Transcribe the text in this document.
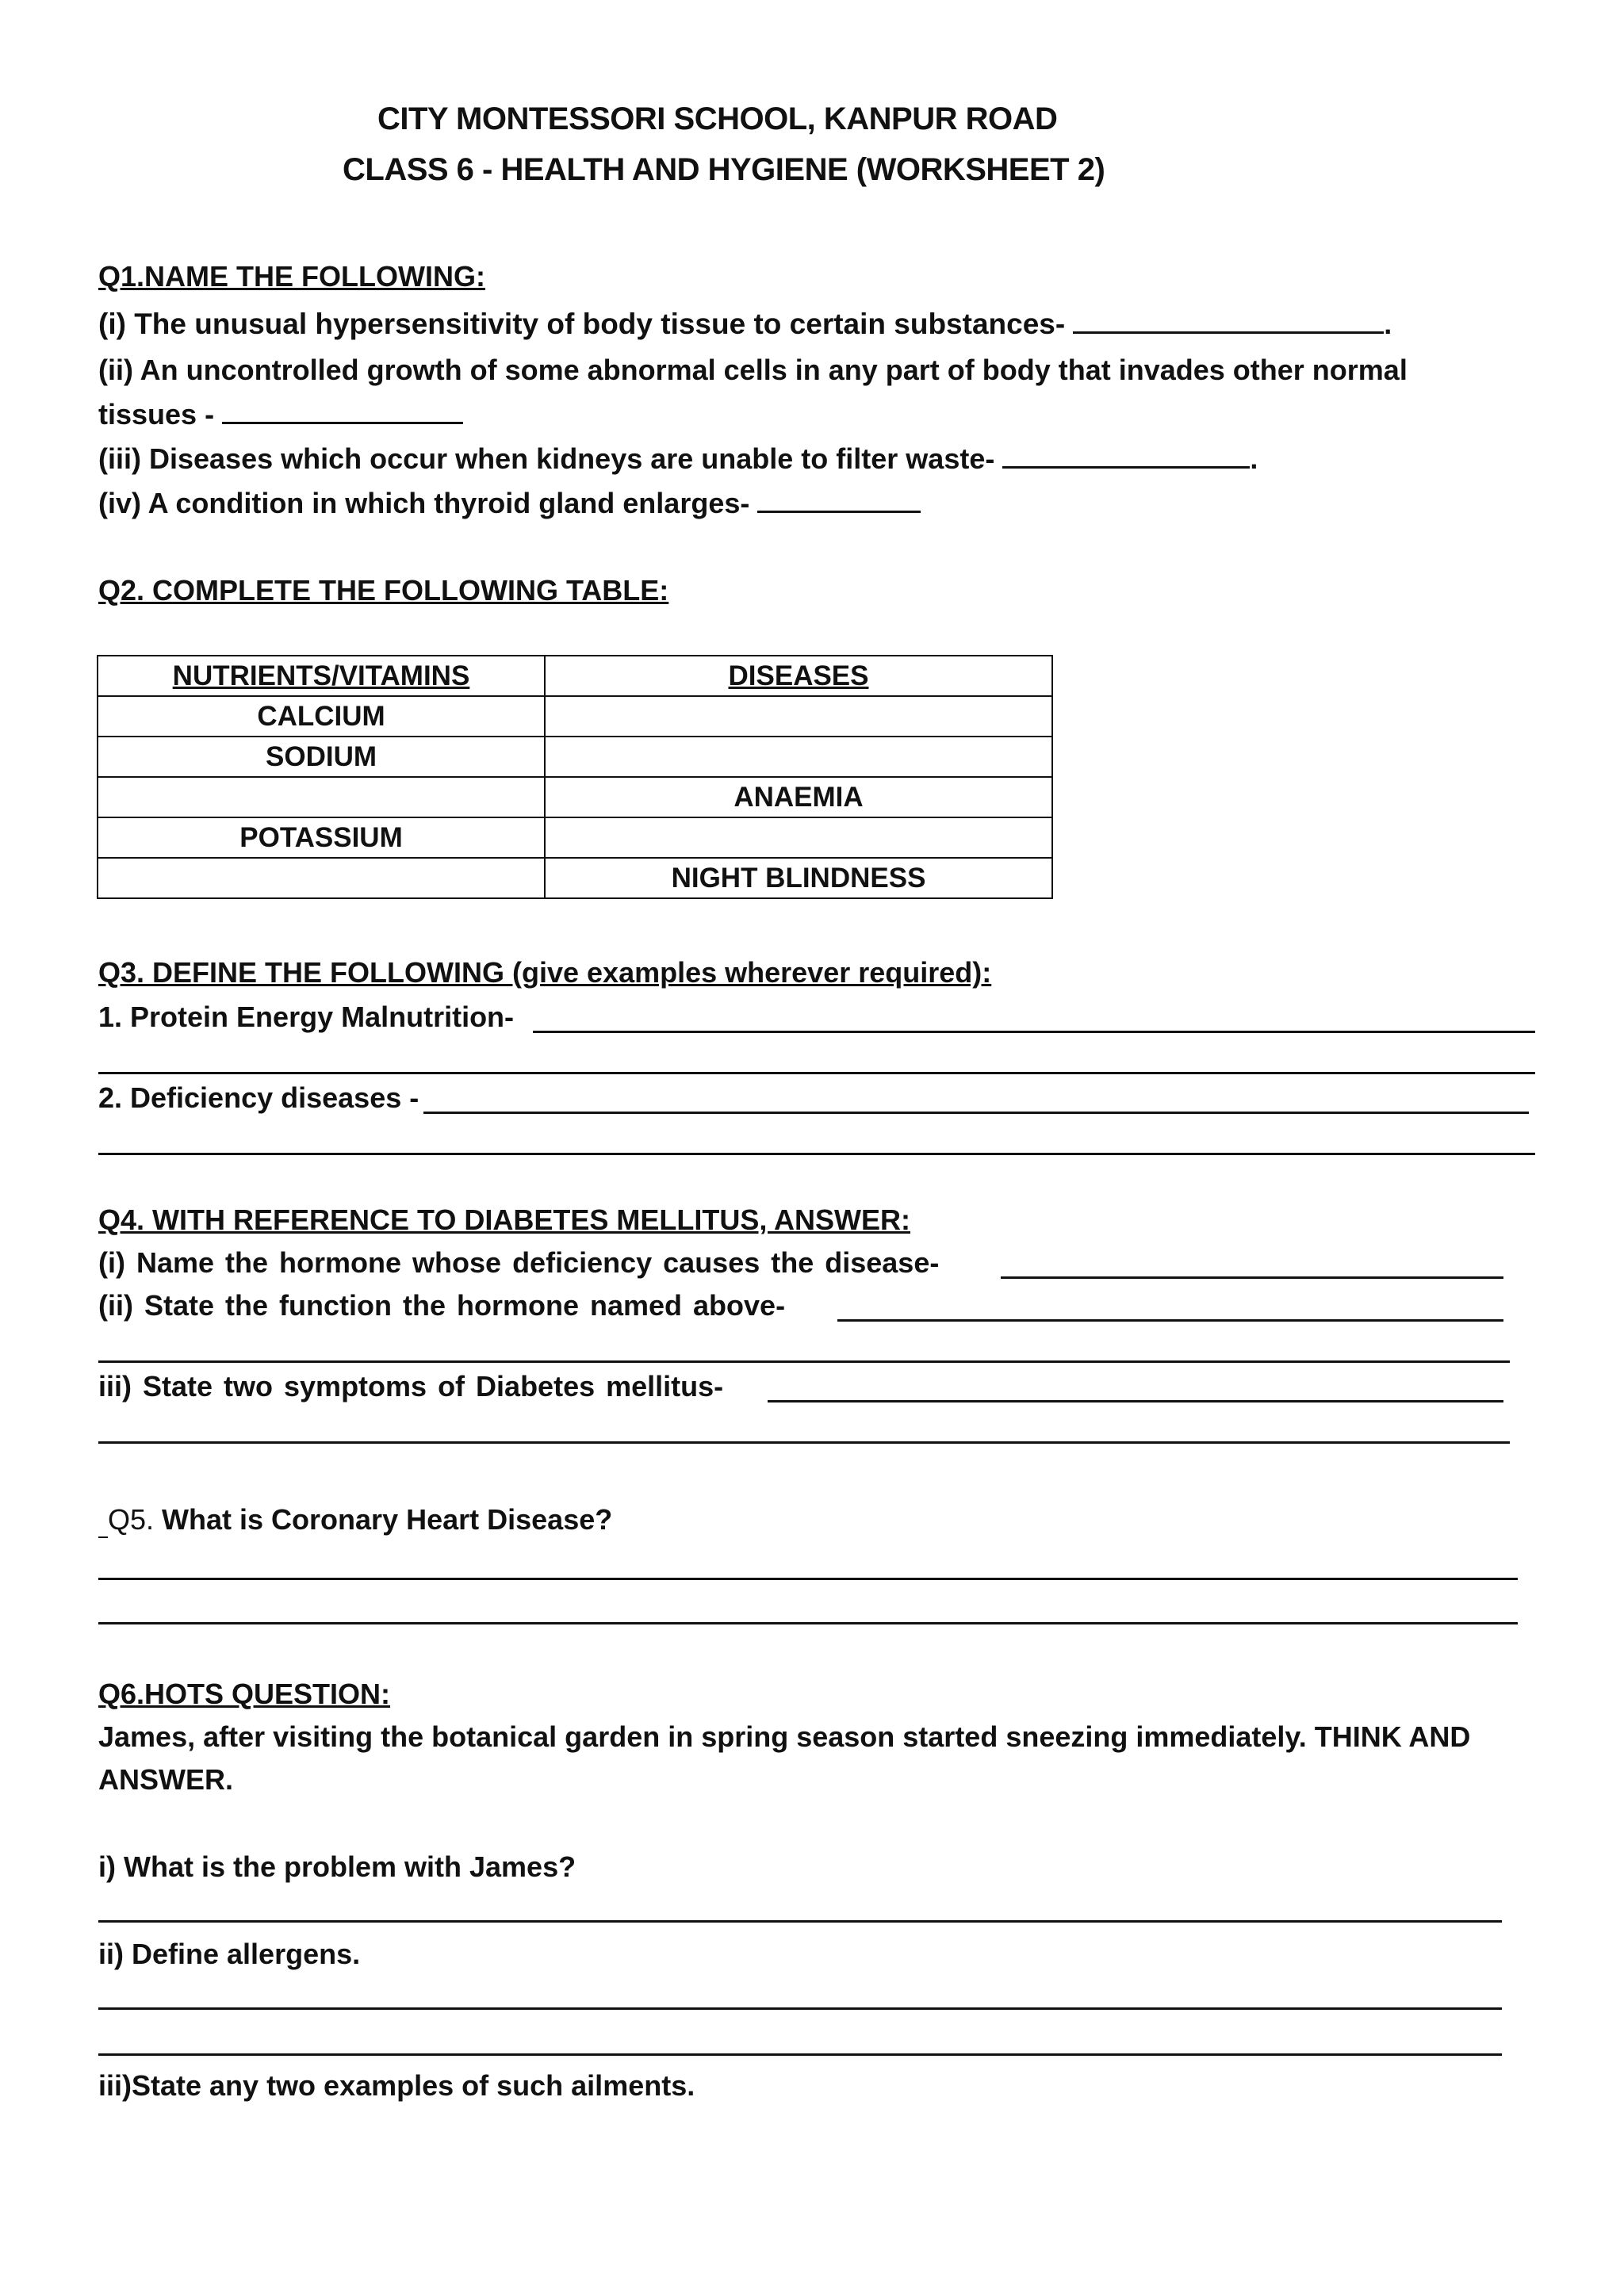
CITY MONTESSORI SCHOOL, KANPUR ROAD
CLASS 6 - HEALTH AND HYGIENE (WORKSHEET 2)
Q1.NAME THE FOLLOWING:
(i) The unusual hypersensitivity of body tissue to certain substances-	.
(ii) An uncontrolled growth of some abnormal cells in any part of body that invades other normal
tissues -
(iii) Diseases which occur when kidneys are unable to filter waste-	.
(iv) A condition in which thyroid gland enlarges-
Q2. COMPLETE THE FOLLOWING TABLE:
NUTRIENTS/VITAMINS	DISEASES
CALCIUM	
SODIUM	
	ANAEMIA
POTASSIUM	
	NIGHT BLINDNESS
Q3. DEFINE THE FOLLOWING (give examples wherever required):
1. Protein Energy Malnutrition-
2. Deficiency diseases -
Q4. WITH REFERENCE TO DIABETES MELLITUS, ANSWER:
(i) Name the hormone whose deficiency causes the disease-
(ii) State the function the hormone named above-
iii) State two symptoms of Diabetes mellitus-
Q5. What is Coronary Heart Disease?
Q6.HOTS QUESTION:
James, after visiting the botanical garden in spring season started sneezing immediately. THINK AND
ANSWER.
i) What is the problem with James?
ii) Define allergens.
iii)State any two examples of such ailments.
